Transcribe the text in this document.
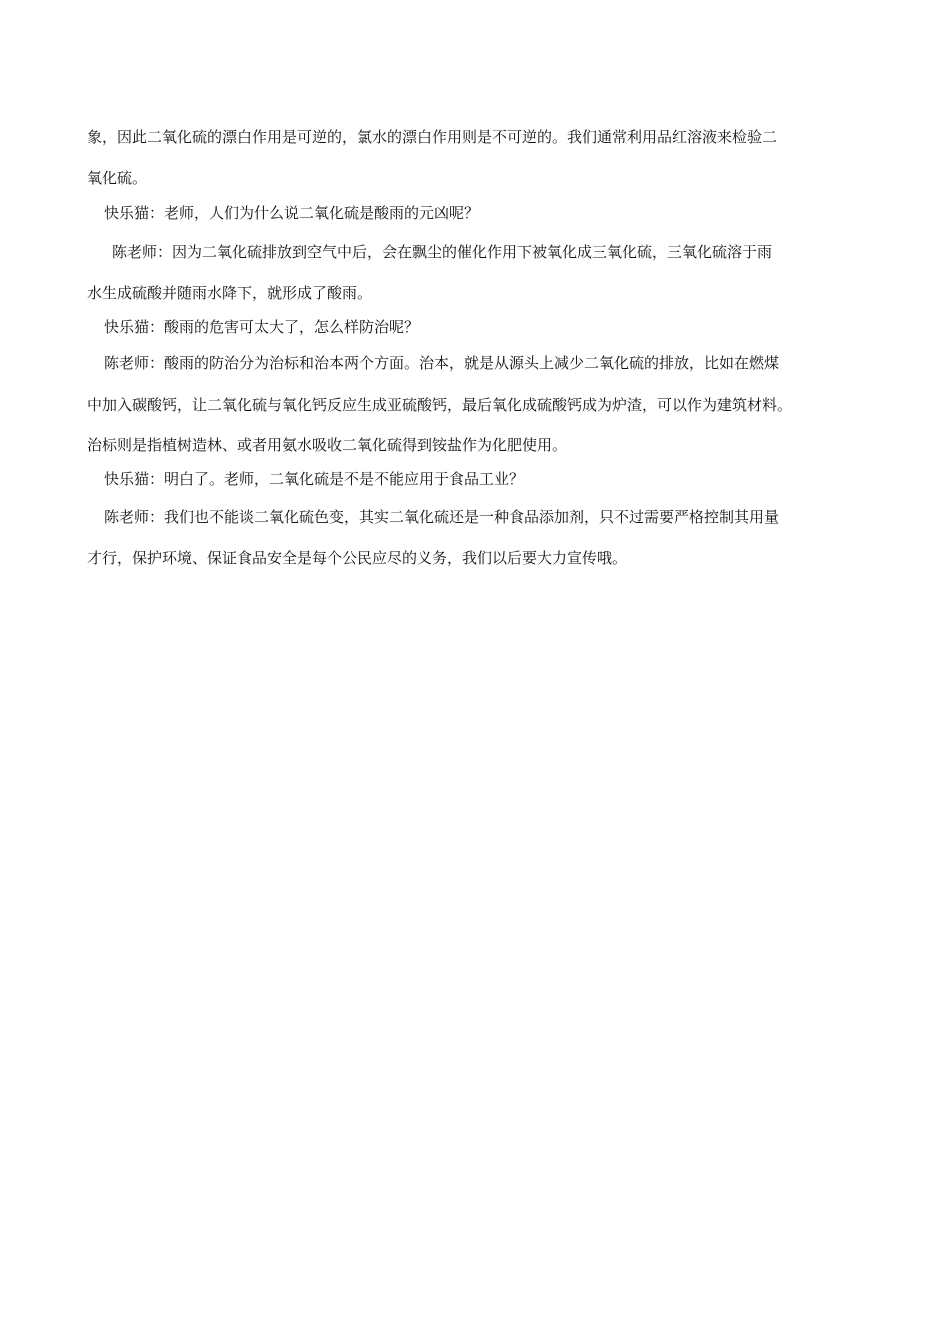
象，因此二氧化硫的漂白作用是可逆的，氯水的漂白作用则是不可逆的。我们通常利用品红溶液来检验二
氧化硫。
快乐猫：老师，人们为什么说二氧化硫是酸雨的元凶呢？
陈老师：因为二氧化硫排放到空气中后，会在飘尘的催化作用下被氧化成三氧化硫，三氧化硫溶于雨
水生成硫酸并随雨水降下，就形成了酸雨。
快乐猫：酸雨的危害可太大了，怎么样防治呢？
陈老师：酸雨的防治分为治标和治本两个方面。治本，就是从源头上减少二氧化硫的排放，比如在燃煤
中加入碳酸钙，让二氧化硫与氧化钙反应生成亚硫酸钙，最后氧化成硫酸钙成为炉渣，可以作为建筑材料。
治标则是指植树造林、或者用氨水吸收二氧化硫得到铵盐作为化肥使用。
快乐猫：明白了。老师，二氧化硫是不是不能应用于食品工业？
陈老师：我们也不能谈二氧化硫色变，其实二氧化硫还是一种食品添加剂，只不过需要严格控制其用量
才行，保护环境、保证食品安全是每个公民应尽的义务，我们以后要大力宣传哦。
